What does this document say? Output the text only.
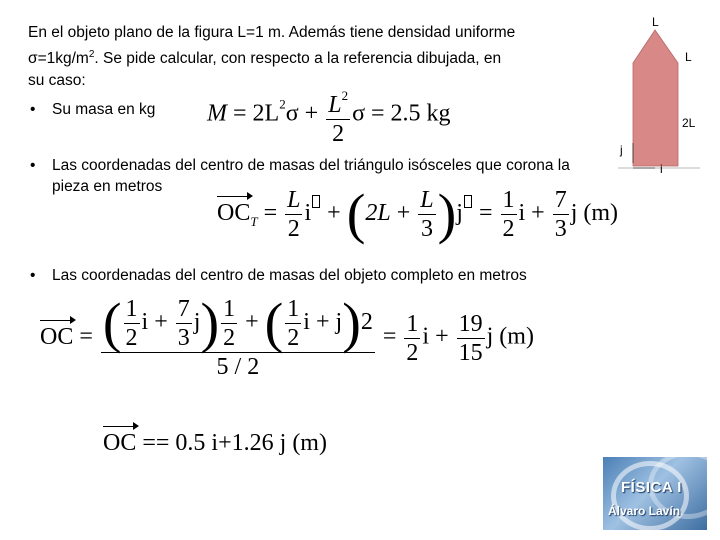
En el objeto plano de la figura L=1 m. Además tiene densidad uniforme
$\sigma=1kg/m^2$. Se pide calcular, con respecto a la referencia dibujada, en
su caso:
• Su masa en kg $M = 2L^2\sigma + \frac{L^2}{2}$ σ = 2.5 kg
• Las coordenadas del centro de masas del triángulo isósceles que corona la pieza en metros
$OC_T = \frac{L}{2}$ $i + (2L + \frac{L}{3} )j = \frac{1}{2}$ $i + \frac{7}{3}$ j (m)
• Las coordenadas del centro de masas del objeto completo en metros
OC = $\frac{( \frac{1}{2} i + \frac{7}{3} j) \frac{1}{2} + ( \frac{1}{2} i + j)2}{5 / 2} = \frac{1}{2}$ $i + \frac{19}{15}$ j (m)
OC == 0.5 i+1.26 j (m)
L
L
2L
j
i
FÍSICA I
Álvaro Lavín
